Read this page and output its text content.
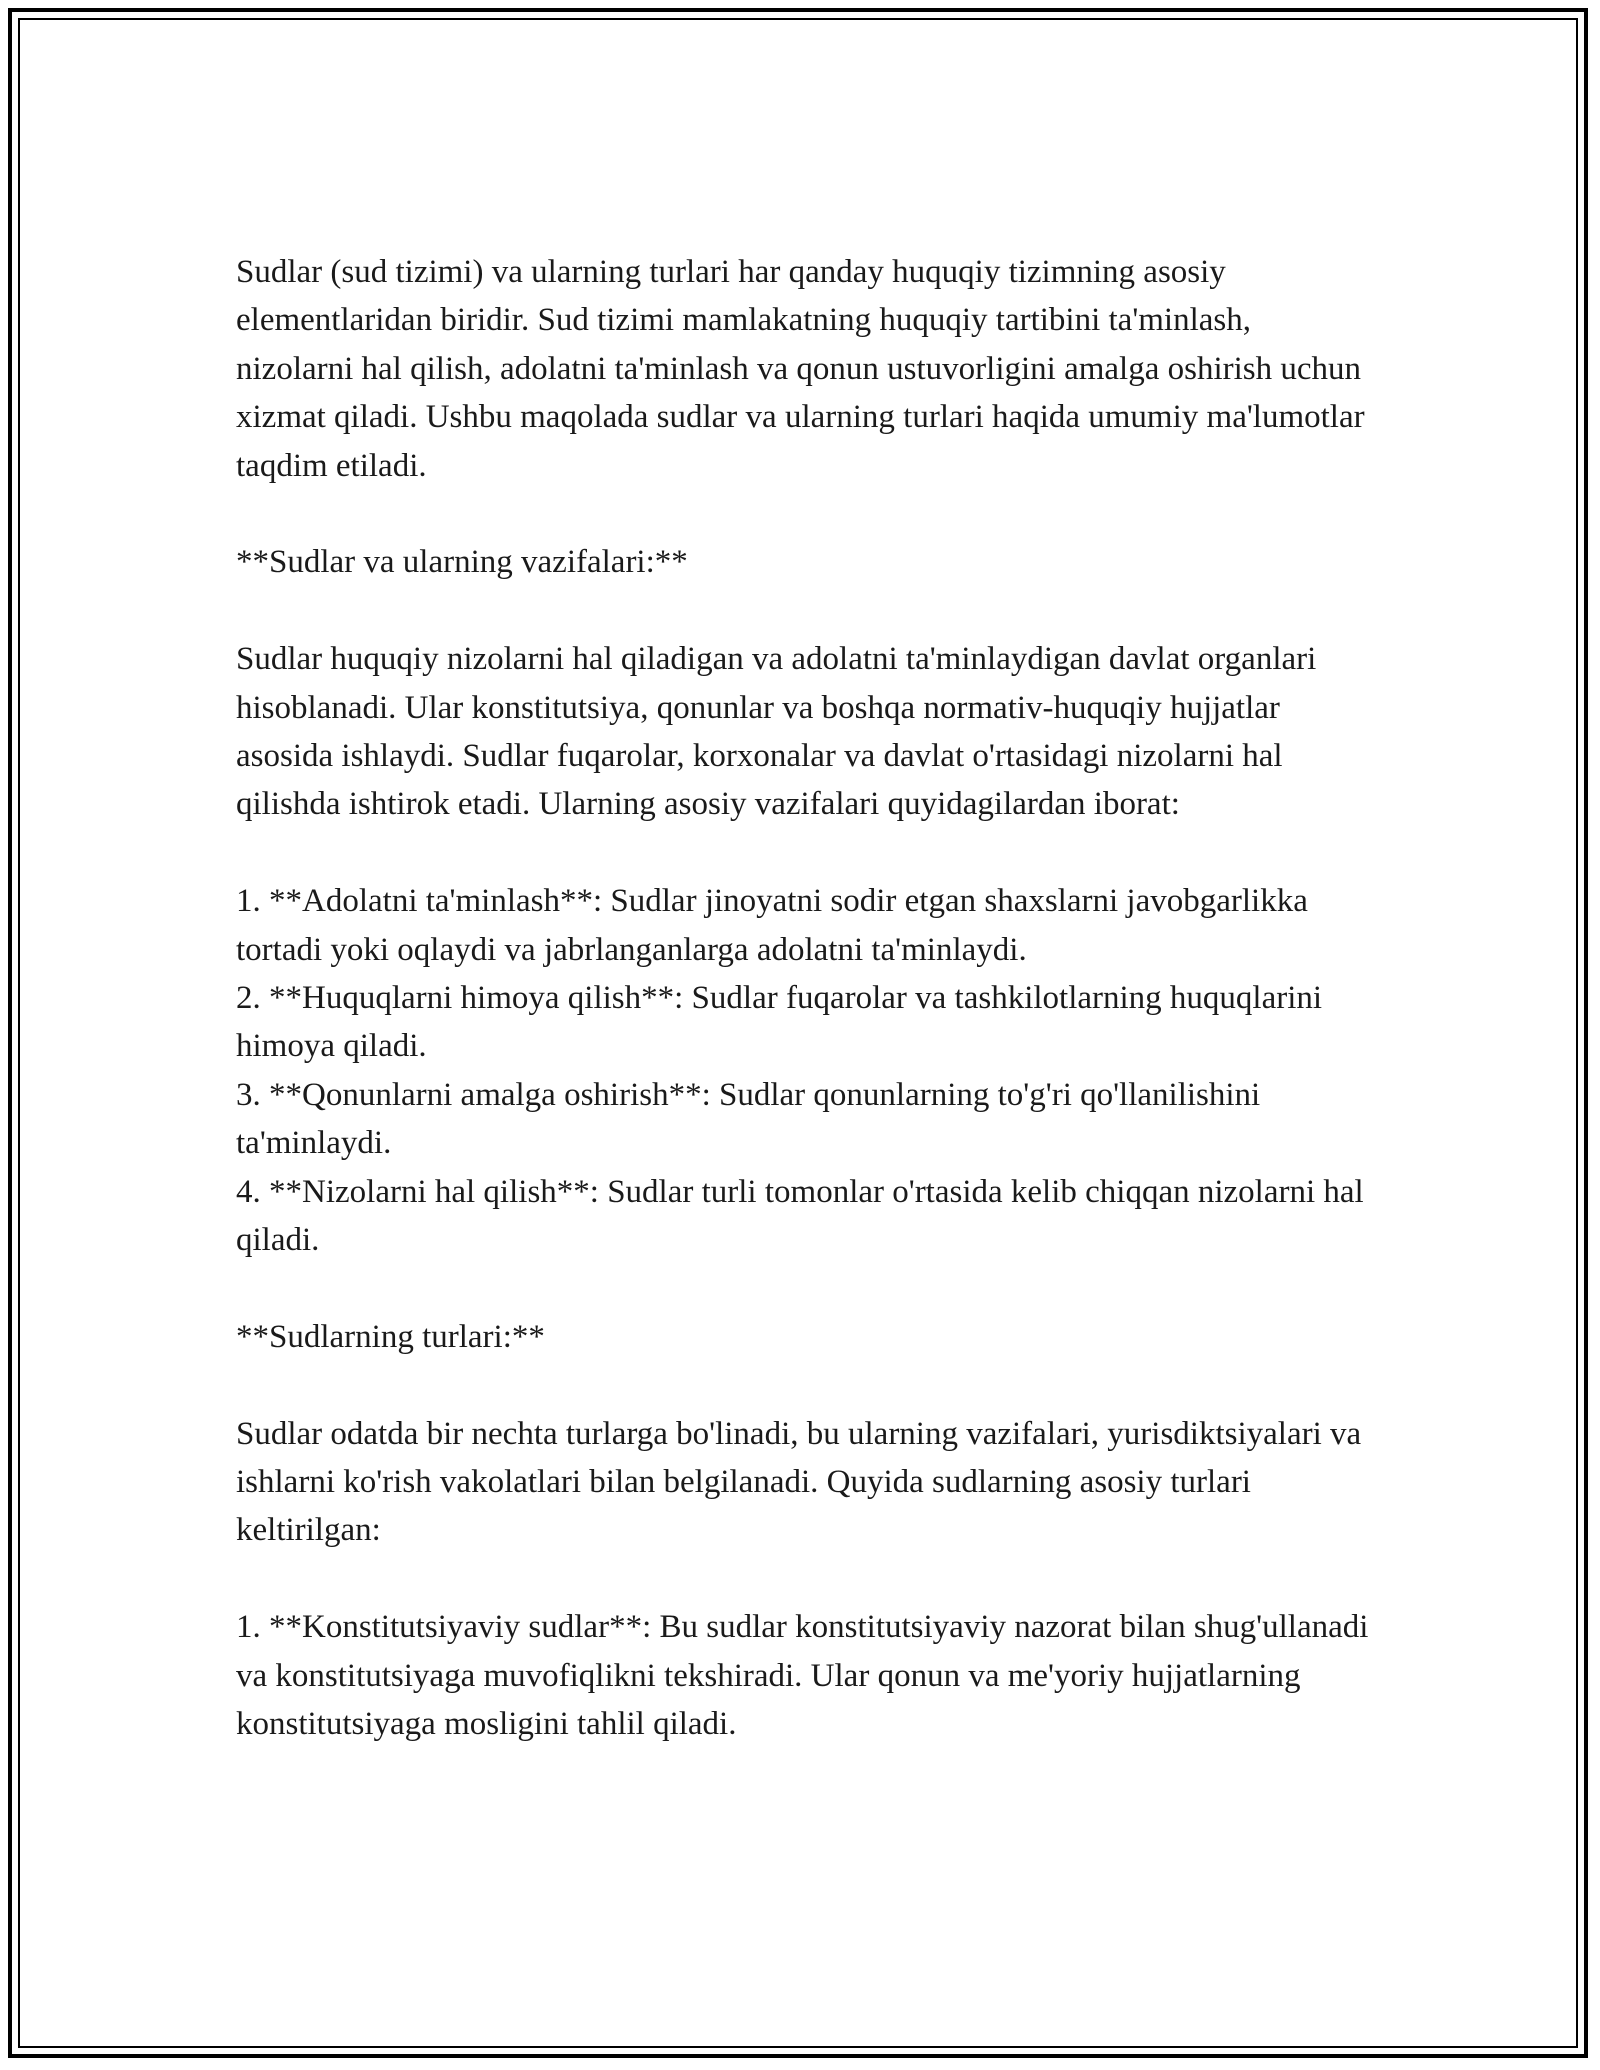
Sudlar (sud tizimi) va ularning turlari har qanday huquqiy tizimning asosiy elementlaridan biridir. Sud tizimi mamlakatning huquqiy tartibini ta'minlash, nizolarni hal qilish, adolatni ta'minlash va qonun ustuvorligini amalga oshirish uchun xizmat qiladi. Ushbu maqolada sudlar va ularning turlari haqida umumiy ma'lumotlar taqdim etiladi.

**Sudlar va ularning vazifalari:**

Sudlar huquqiy nizolarni hal qiladigan va adolatni ta'minlaydigan davlat organlari hisoblanadi. Ular konstitutsiya, qonunlar va boshqa normativ-huquqiy hujjatlar asosida ishlaydi. Sudlar fuqarolar, korxonalar va davlat o'rtasidagi nizolarni hal qilishda ishtirok etadi. Ularning asosiy vazifalari quyidagilardan iborat:

1. **Adolatni ta'minlash**: Sudlar jinoyatni sodir etgan shaxslarni javobgarlikka tortadi yoki oqlaydi va jabrlanganlarga adolatni ta'minlaydi.
2. **Huquqlarni himoya qilish**: Sudlar fuqarolar va tashkilotlarning huquqlarini himoya qiladi.
3. **Qonunlarni amalga oshirish**: Sudlar qonunlarning to'g'ri qo'llanilishini ta'minlaydi.
4. **Nizolarni hal qilish**: Sudlar turli tomonlar o'rtasida kelib chiqqan nizolarni hal qiladi.

**Sudlarning turlari:**

Sudlar odatda bir nechta turlarga bo'linadi, bu ularning vazifalari, yurisdiktsiyalari va ishlarni ko'rish vakolatlari bilan belgilanadi. Quyida sudlarning asosiy turlari keltirilgan:

1. **Konstitutsiyaviy sudlar**: Bu sudlar konstitutsiyaviy nazorat bilan shug'ullanadi va konstitutsiyaga muvofiqlikni tekshiradi. Ular qonun va me'yoriy hujjatlarning konstitutsiyaga mosligini tahlil qiladi.
